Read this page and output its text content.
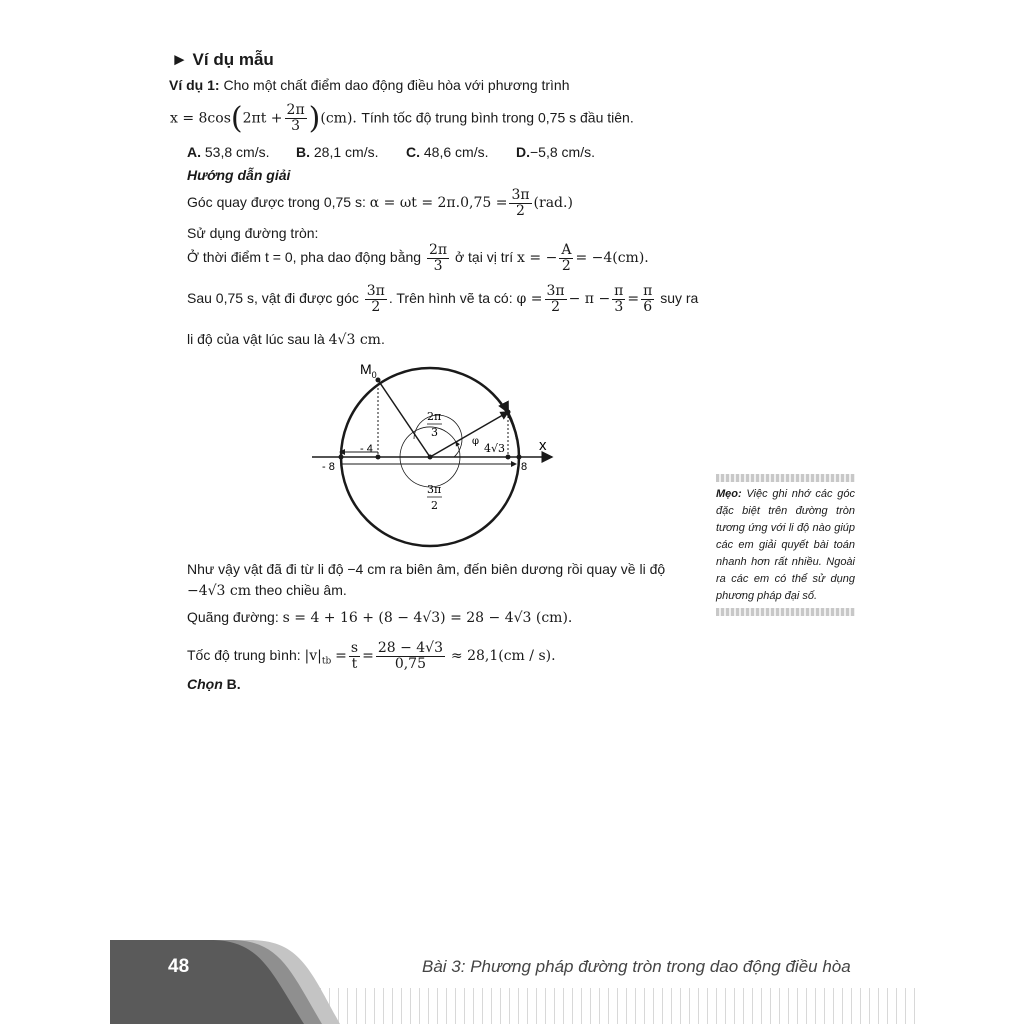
► Ví dụ mẫu
Ví dụ 1: Cho một chất điểm dao động điều hòa với phương trình
$x = 8\cos(2\pi t + \frac{2\pi}{3} )(cm)$. Tính tốc độ trung bình trong 0,75 s đầu tiên.
A. 53,8 cm/s. B. 28,1 cm/s. C. 48,6 cm/s. D.−5,8 cm/s.
Hướng dẫn giải
Góc quay được trong 0,75 s: $\alpha = \omega t = 2\pi.0,75 = \frac{3\pi}{2} (rad.)$
Sử dụng đường tròn:
Ở thời điểm t = 0, pha dao động bằng $\frac{2\pi}{3}$ ở tại vị trí x = − $\frac{A}{2} = -4(cm)$.
Sau 0,75 s, vật đi được góc $\frac{3\pi}{2}$ . Trên hình vẽ ta có: $\varphi = \frac{3\pi}{2} - \pi - \frac{\pi}{3} = \frac{\pi}{6}$ suy ra
li độ của vật lúc sau là 4√3 cm.
$M_0$
x
- 8
- 4
8
φ
4√3
2π
3
3π
2
Như vậy vật đã đi từ li độ −4 cm ra biên âm, đến biên dương rồi quay về li độ
−4√3 cm theo chiều âm.
Quãng đường: s = 4 + 16 + (8 − 4√3) = 28 − 4√3 (cm).
Tốc độ trung bình: $|v|_{tb} = \frac{s}{t} = \frac{28 - 4√3}{0,75} \approx 28,1(cm / s)$.
Chọn B.
Mẹo: Việc ghi nhớ các góc đặc biệt trên đường tròn tương ứng với li độ nào giúp các em giải quyết bài toán nhanh hơn rất nhiều. Ngoài ra các em có thể sử dụng phương pháp đại số.
48	Bài 3: Phương pháp đường tròn trong dao động điều hòa
